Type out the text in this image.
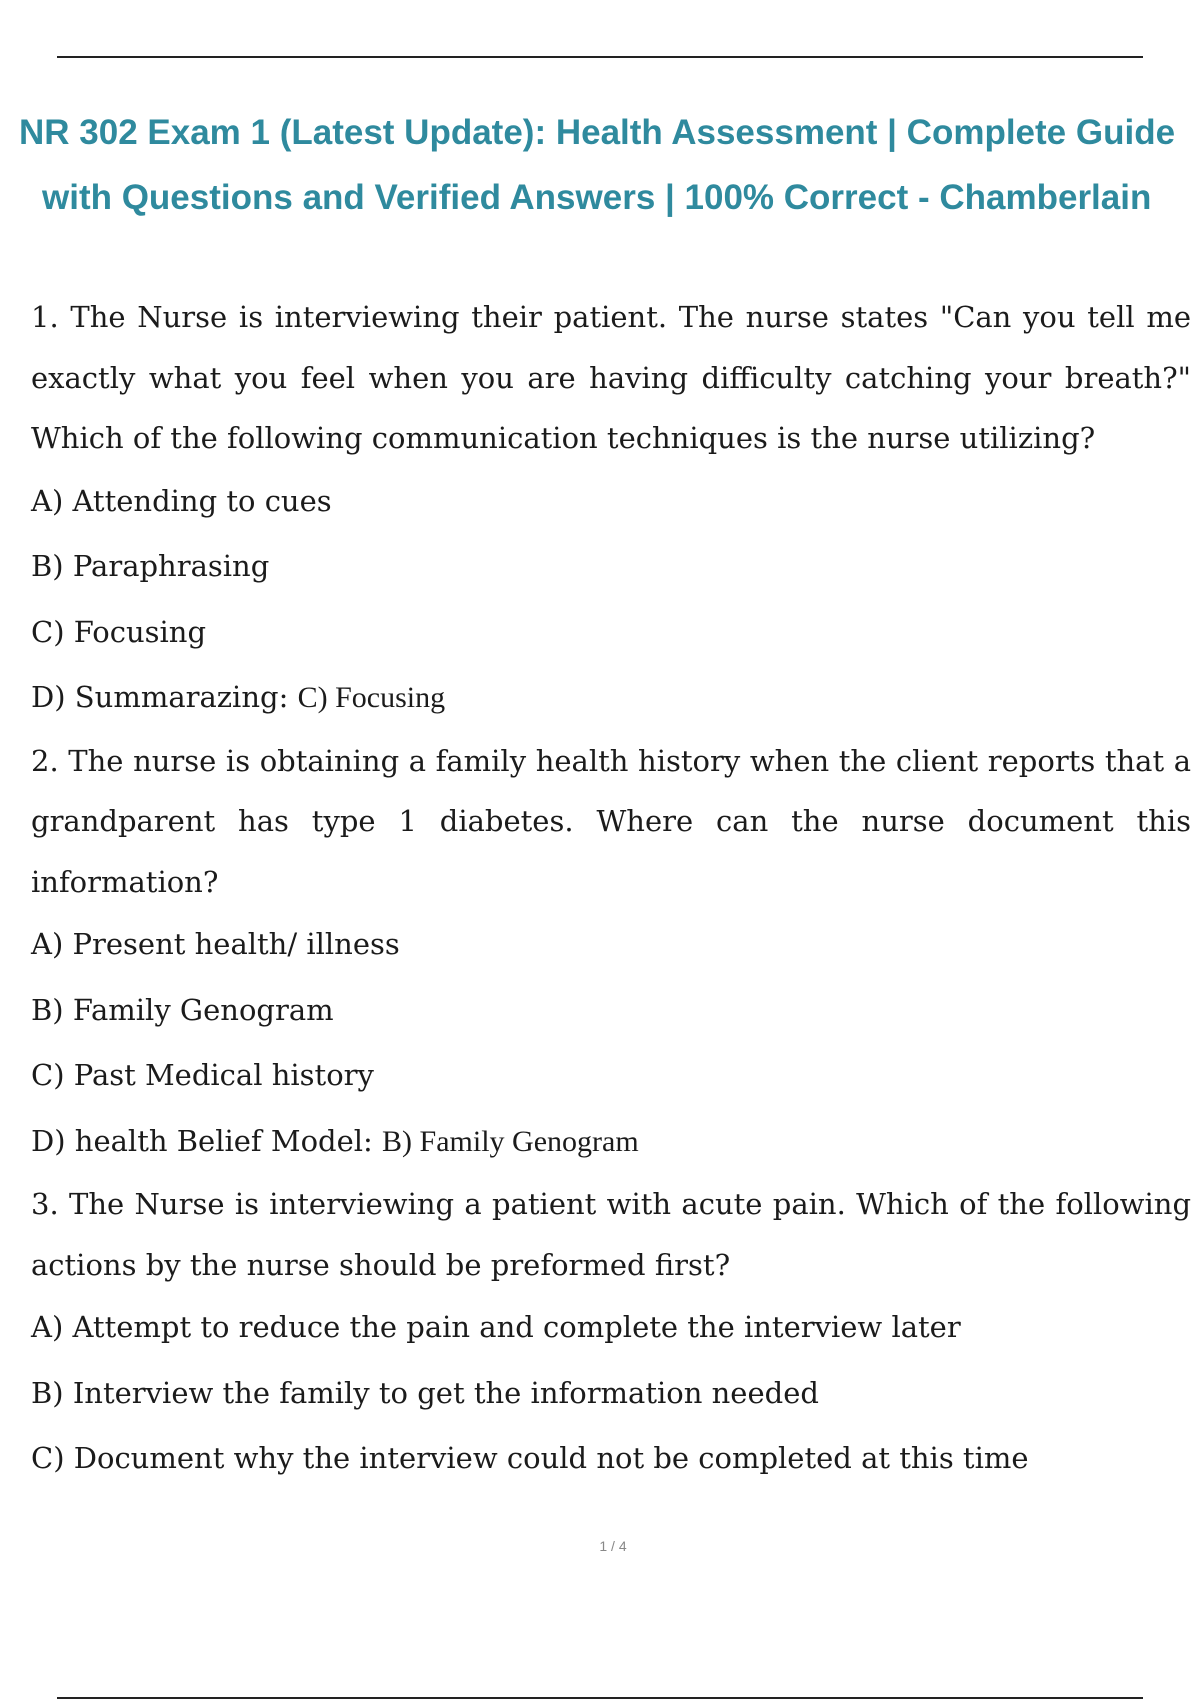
NR 302 Exam 1 (Latest Update): Health Assessment | Complete Guide
with Questions and Verified Answers | 100% Correct - Chamberlain
1. The Nurse is interviewing their patient. The nurse states "Can you tell me exactly what you feel when you are having difficulty catching your breath?" Which of the following communication techniques is the nurse utilizing?
A) Attending to cues
B) Paraphrasing
C) Focusing
D) Summarazing: C) Focusing
2. The nurse is obtaining a family health history when the client reports that a grandparent has type 1 diabetes. Where can the nurse document this information?
A) Present health/ illness
B) Family Genogram
C) Past Medical history
D) health Belief Model: B) Family Genogram
3. The Nurse is interviewing a patient with acute pain. Which of the following actions by the nurse should be preformed first?
A) Attempt to reduce the pain and complete the interview later
B) Interview the family to get the information needed
C) Document why the interview could not be completed at this time
1 / 4
